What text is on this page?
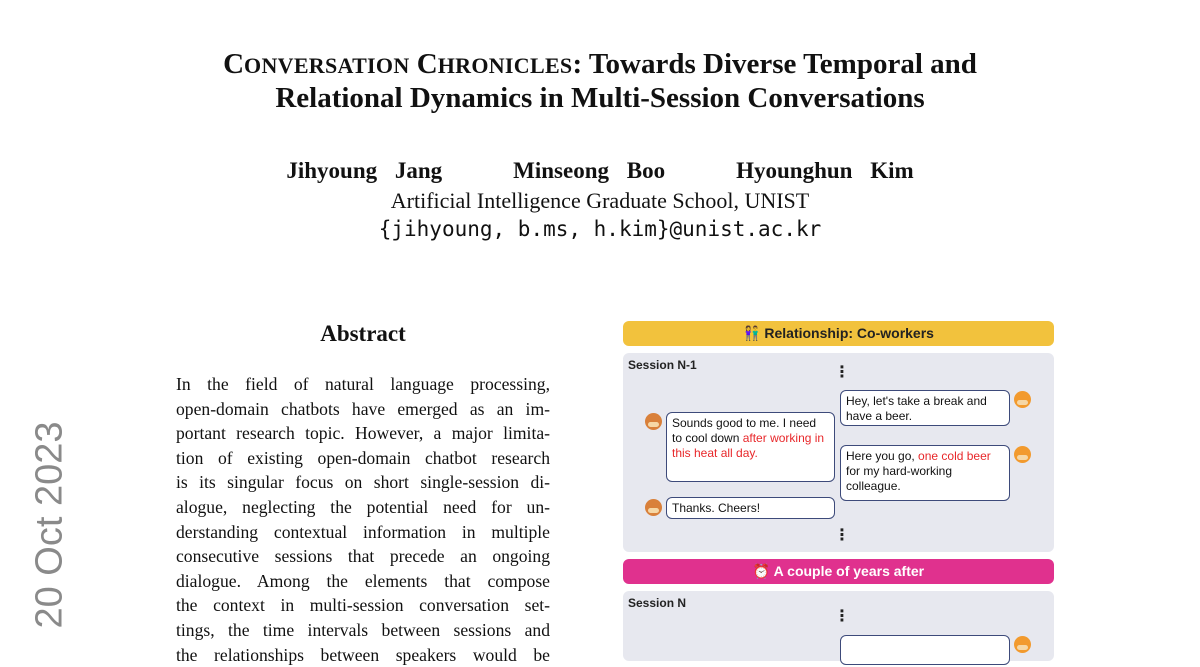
CONVERSATION CHRONICLES: Towards Diverse Temporal and
Relational Dynamics in Multi-Session Conversations
Jihyoung Jang    Minseong Boo    Hyounghun Kim
Artificial Intelligence Graduate School, UNIST
{jihyoung, b.ms, h.kim}@unist.ac.kr
20 Oct 2023
Abstract
In the field of natural language processing,
open-domain chatbots have emerged as an im-
portant research topic. However, a major limita-
tion of existing open-domain chatbot research
is its singular focus on short single-session di-
alogue, neglecting the potential need for un-
derstanding contextual information in multiple
consecutive sessions that precede an ongoing
dialogue. Among the elements that compose
the context in multi-session conversation set-
tings, the time intervals between sessions and
the relationships between speakers would be
👫 Relationship: Co-workers
Session N-1	⋮
Hey, let's take a break and have a beer.
Sounds good to me. I need to cool down after working in this heat all day.	Here you go, one cold beer for my hard-working colleague.
Thanks. Cheers!
⋮
⏰ A couple of years after
Session N
⋮
